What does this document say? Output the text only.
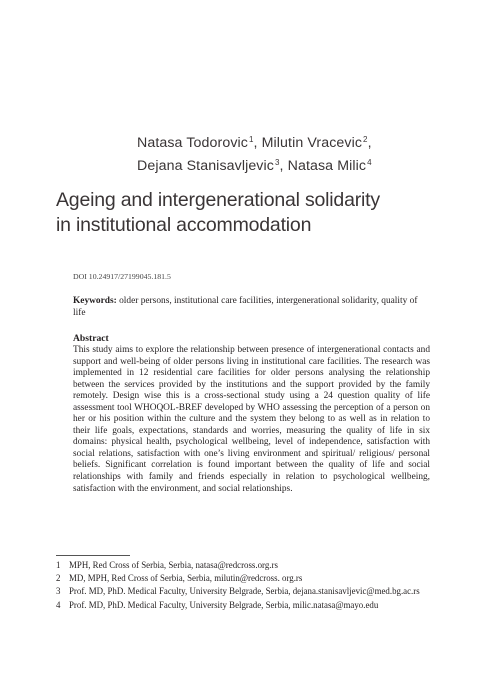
Natasa Todorovic$^1$, Milutin Vracevic$^2$,
Dejana Stanisavljevic$^3$, Natasa Milic$^4$
Ageing and intergenerational solidarity
in institutional accommodation
DOI 10.24917/27199045.181.5
Keywords: older persons, institutional care facilities, intergenerational solidarity, quality of life
Abstract

This study aims to explore the relationship between presence of intergenerational contacts and support and well-being of older persons living in institutional care facilities. The research was implemented in 12 residential care facilities for older persons analysing the relationship between the services provided by the institutions and the support provided by the family remotely. Design wise this is a cross-sectional study using a 24 question quality of life assessment tool WHOQOL-BREF developed by WHO assessing the perception of a person on her or his position within the culture and the system they belong to as well as in relation to their life goals, expectations, standards and worries, measuring the quality of life in six domains: physical health, psychological wellbeing, level of independence, satisfaction with social relations, satisfaction with one’s living environment and spiritual/ religious/ personal beliefs. Significant correlation is found important between the quality of life and social relationships with family and friends especially in relation to psychological wellbeing, satisfaction with the environment, and social relationships.

1 MPH, Red Cross of Serbia, Serbia, natasa@redcross.org.rs
2 MD, MPH, Red Cross of Serbia, Serbia, milutin@redcross. org.rs
3 Prof. MD, PhD. Medical Faculty, University Belgrade, Serbia, dejana.stanisavljevic@med.bg.ac.rs
4 Prof. MD, PhD. Medical Faculty, University Belgrade, Serbia, milic.natasa@mayo.edu
